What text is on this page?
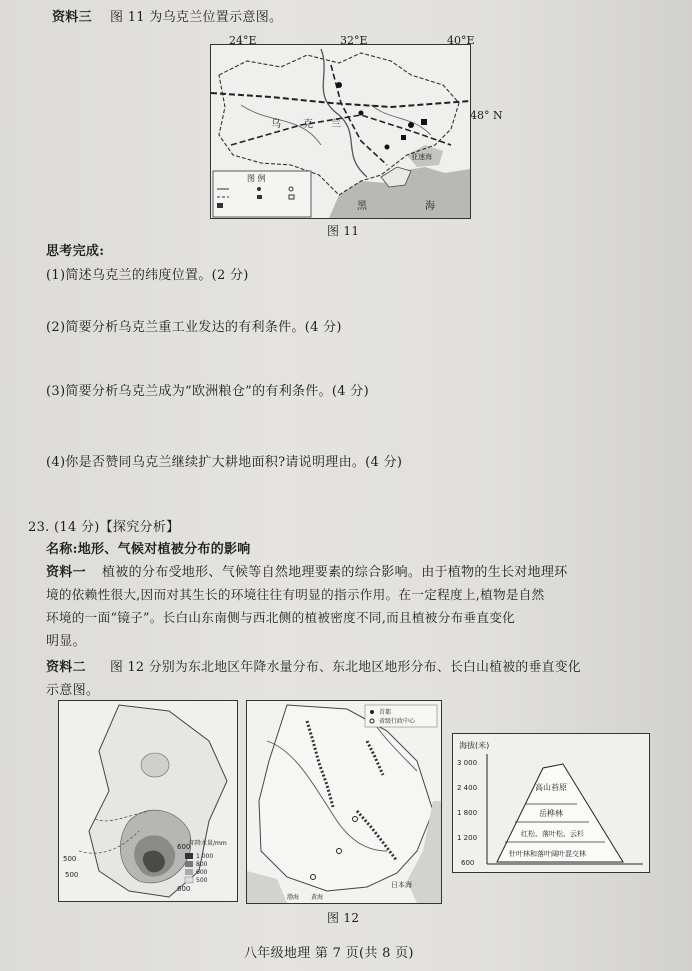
资料三 图 11 为乌克兰位置示意图。
图 例
乌 克 兰
黑	海
亚速海
24°E	32°E	40°E
48° N
图 11
思考完成:
(1)简述乌克兰的纬度位置。(2 分)
(2)简要分析乌克兰重工业发达的有利条件。(4 分)
(3)简要分析乌克兰成为“欧洲粮仓”的有利条件。(4 分)
(4)你是否赞同乌克兰继续扩大耕地面积?请说明理由。(4 分)
23. (14 分)【探究分析】
名称:地形、气候对植被分布的影响
资料一 植被的分布受地形、气候等自然地理要素的综合影响。由于植物的生长对地理环
境的依赖性很大,因而对其生长的环境往往有明显的指示作用。在一定程度上,植物是自然
环境的一面“镜子”。长白山东南侧与西北侧的植被密度不同,而且植被分布垂直变化
明显。
资料二 图 12 分别为东北地区年降水量分布、东北地区地形分布、长白山植被的垂直变化
示意图。
500
500
600
600
年降水量/mm
1 000
800
600
500
首都
省级行政中心
日本海
渤海 黄海
海拔(米)
3 000
2 400
1 800
1 200
600
高山苔原
岳桦林
红松、落叶松、云杉
针叶林和落叶阔叶混交林
图 12
八年级地理 第 7 页(共 8 页)
